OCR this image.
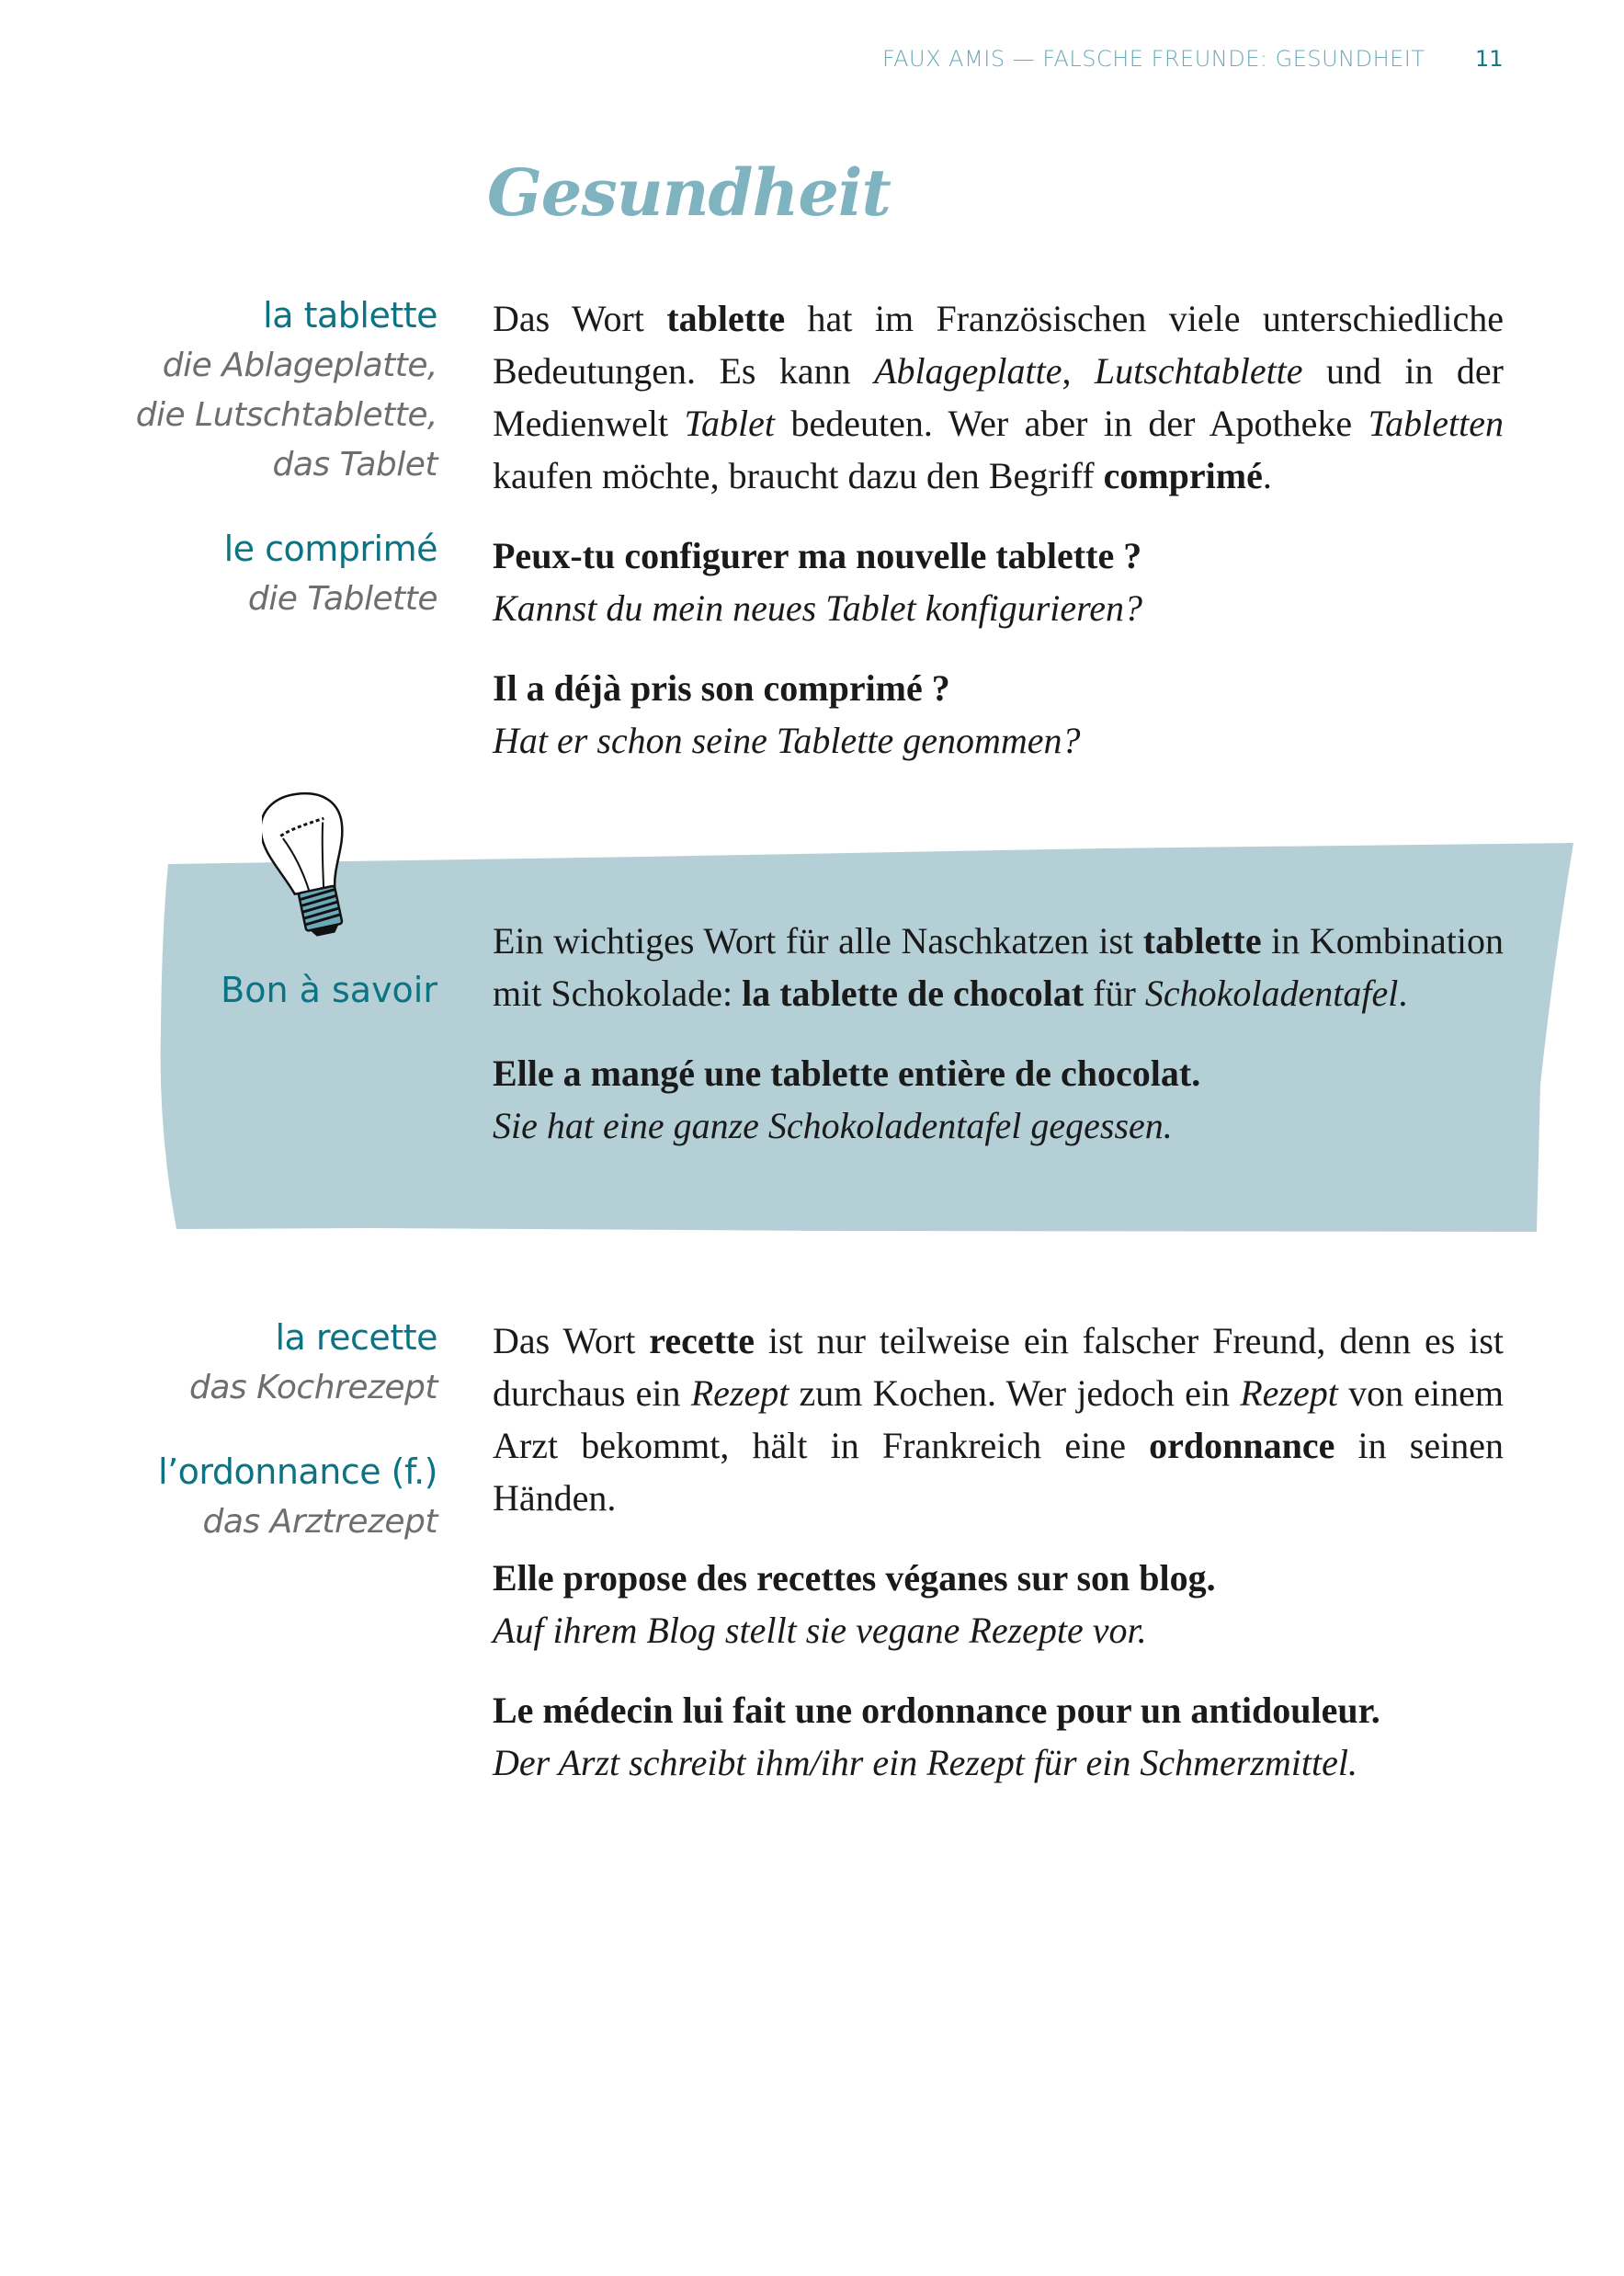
FAUX AMIS — FALSCHE FREUNDE: GESUNDHEIT 11
Gesundheit
la tablette
die Ablageplatte,
die Lutschtablette,
das Tablet
le comprimé
die Tablette

Das Wort tablette hat im Französischen viele unterschiedliche Bedeutungen. Es kann Ablageplatte, Lutschtablette und in der Medienwelt Tablet bedeuten. Wer aber in der Apotheke Tabletten kaufen möchte, braucht dazu den Begriff comprimé.

Peux-tu configurer ma nouvelle tablette ?

Kannst du mein neues Tablet konfigurieren?

Il a déjà pris son comprimé ?

Hat er schon seine Tablette genommen?

Bon à savoir

Ein wichtiges Wort für alle Naschkatzen ist tablette in Kombination mit Schokolade: la tablette de chocolat für Schokoladentafel.

Elle a mangé une tablette entière de chocolat.

Sie hat eine ganze Schokoladentafel gegessen.

la recette
das Kochrezept
l’ordonnance (f.)
das Arztrezept

Das Wort recette ist nur teilweise ein falscher Freund, denn es ist durchaus ein Rezept zum Kochen. Wer jedoch ein Rezept von einem Arzt bekommt, hält in Frankreich eine ordonnance in seinen Händen.

Elle propose des recettes véganes sur son blog.

Auf ihrem Blog stellt sie vegane Rezepte vor.

Le médecin lui fait une ordonnance pour un antidouleur.

Der Arzt schreibt ihm/ihr ein Rezept für ein Schmerzmittel.
